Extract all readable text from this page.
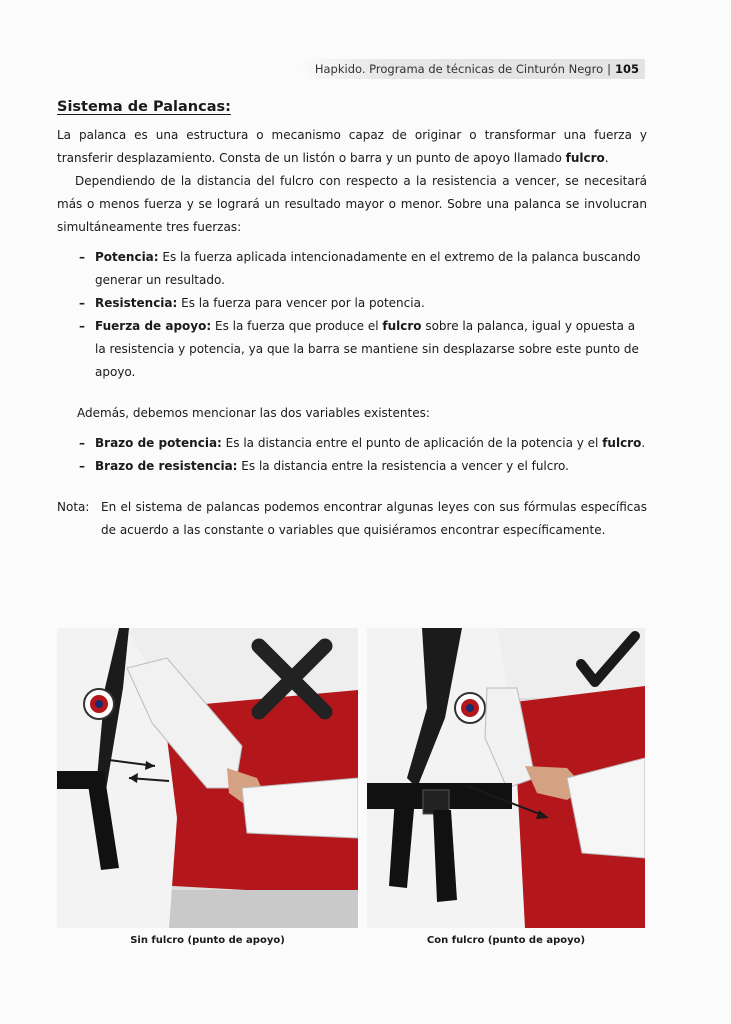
Hapkido. Programa de técnicas de Cinturón Negro | 105
Sistema de Palancas:

La palanca es una estructura o mecanismo capaz de originar o transformar una fuerza y transferir desplazamiento. Consta de un listón o barra y un punto de apoyo llamado fulcro.

Dependiendo de la distancia del fulcro con respecto a la resistencia a vencer, se necesitará más o menos fuerza y se logrará un resultado mayor o menor. Sobre una palanca se involucran simultáneamente tres fuerzas:

– Potencia: Es la fuerza aplicada intencionadamente en el extremo de la palanca buscando generar un resultado.
– Resistencia: Es la fuerza para vencer por la potencia.
– Fuerza de apoyo: Es la fuerza que produce el fulcro sobre la palanca, igual y opuesta a la resistencia y potencia, ya que la barra se mantiene sin desplazarse sobre este punto de apoyo.

Además, debemos mencionar las dos variables existentes:

– Brazo de potencia: Es la distancia entre el punto de aplicación de la potencia y el fulcro.
– Brazo de resistencia: Es la distancia entre la resistencia a vencer y el fulcro.

Nota: En el sistema de palancas podemos encontrar algunas leyes con sus fórmulas específicas de acuerdo a las constante o variables que quisiéramos encontrar específicamente.

Sin fulcro (punto de apoyo)	Con fulcro (punto de apoyo)
